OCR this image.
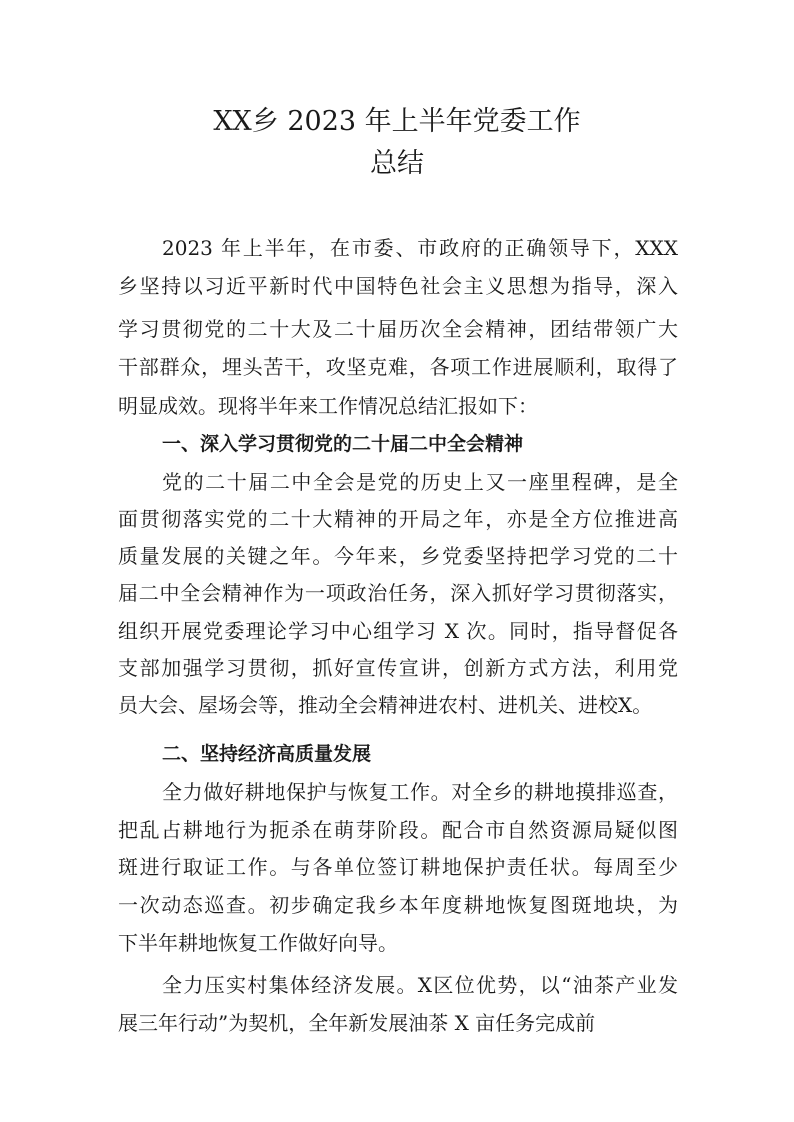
XX乡 2023 年上半年党委工作
总结

2023 年上半年，在市委、市政府的正确领导下，XXX

乡坚持以习近平新时代中国特色社会主义思想为指导，深入

学习贯彻党的二十大及二十届历次全会精神，团结带领广大

干部群众，埋头苦干，攻坚克难，各项工作进展顺利，取得了

明显成效。现将半年来工作情况总结汇报如下：

一、深入学习贯彻党的二十届二中全会精神

党的二十届二中全会是党的历史上又一座里程碑，是全

面贯彻落实党的二十大精神的开局之年，亦是全方位推进高

质量发展的关键之年。今年来，乡党委坚持把学习党的二十

届二中全会精神作为一项政治任务，深入抓好学习贯彻落实，

组织开展党委理论学习中心组学习 X 次。同时，指导督促各

支部加强学习贯彻，抓好宣传宣讲，创新方式方法，利用党

员大会、屋场会等，推动全会精神进农村、进机关、进校X。

二、坚持经济高质量发展

全力做好耕地保护与恢复工作。对全乡的耕地摸排巡查，

把乱占耕地行为扼杀在萌芽阶段。配合市自然资源局疑似图

斑进行取证工作。与各单位签订耕地保护责任状。每周至少

一次动态巡查。初步确定我乡本年度耕地恢复图斑地块，为

下半年耕地恢复工作做好向导。

全力压实村集体经济发展。X区位优势，以“油茶产业发

展三年行动”为契机，全年新发展油茶 X 亩任务完成前
